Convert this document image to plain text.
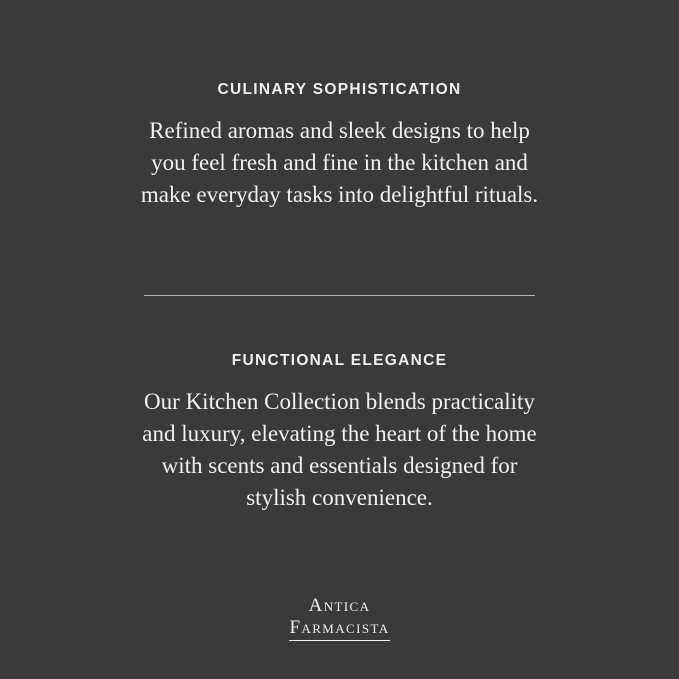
CULINARY SOPHISTICATION

Refined aromas and sleek designs to help you feel fresh and fine in the kitchen and make everyday tasks into delightful rituals.

FUNCTIONAL ELEGANCE

Our Kitchen Collection blends practicality and luxury, elevating the heart of the home with scents and essentials designed for stylish convenience.

Antica
Farmacista
